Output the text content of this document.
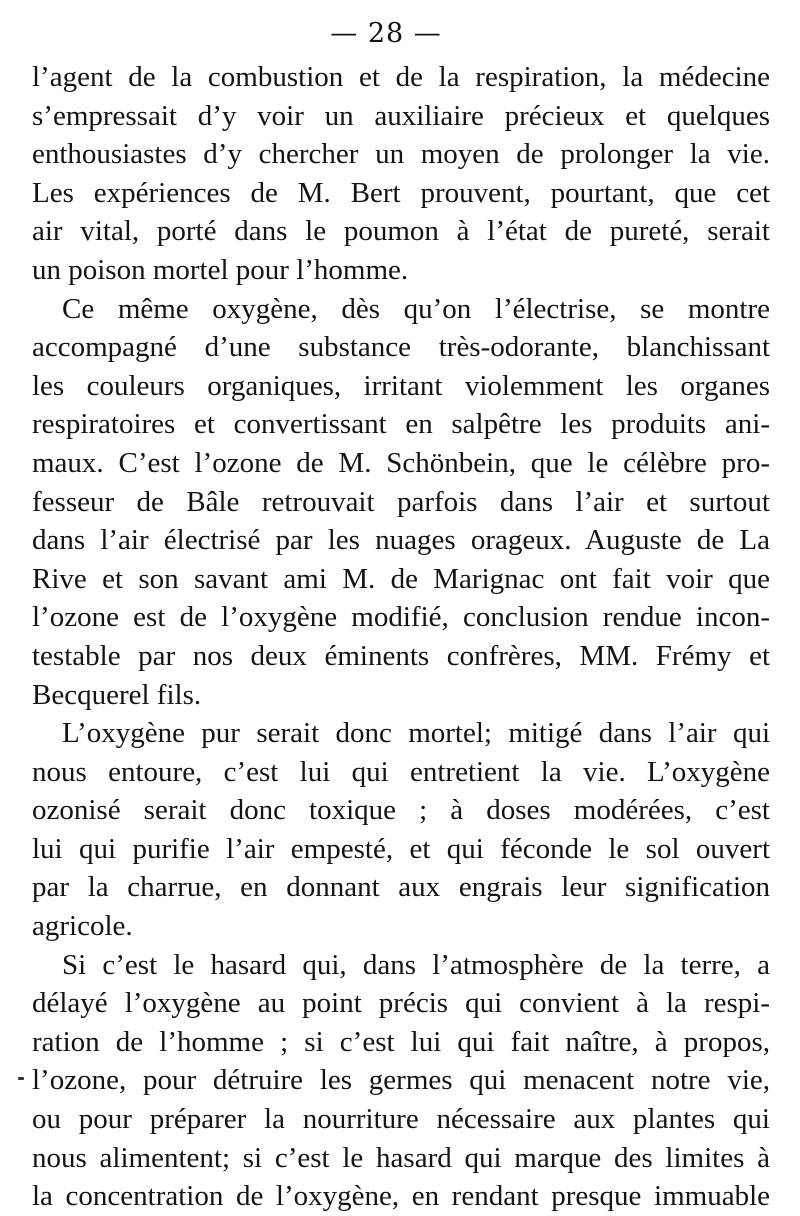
— 28 —
l’agent de la combustion et de la respiration, la médecine
s’empressait d’y voir un auxiliaire précieux et quelques
enthousiastes d’y chercher un moyen de prolonger la vie.
Les expériences de M. Bert prouvent, pourtant, que cet
air vital, porté dans le poumon à l’état de pureté, serait
un poison mortel pour l’homme.
Ce même oxygène, dès qu’on l’électrise, se montre
accompagné d’une substance très-odorante, blanchissant
les couleurs organiques, irritant violemment les organes
respiratoires et convertissant en salpêtre les produits ani-
maux. C’est l’ozone de M. Schönbein, que le célèbre pro-
fesseur de Bâle retrouvait parfois dans l’air et surtout
dans l’air électrisé par les nuages orageux. Auguste de La
Rive et son savant ami M. de Marignac ont fait voir que
l’ozone est de l’oxygène modifié, conclusion rendue incon-
testable par nos deux éminents confrères, MM. Frémy et
Becquerel fils.
L’oxygène pur serait donc mortel; mitigé dans l’air qui
nous entoure, c’est lui qui entretient la vie. L’oxygène
ozonisé serait donc toxique ; à doses modérées, c’est
lui qui purifie l’air empesté, et qui féconde le sol ouvert
par la charrue, en donnant aux engrais leur signification
agricole.
Si c’est le hasard qui, dans l’atmosphère de la terre, a
délayé l’oxygène au point précis qui convient à la respi-
ration de l’homme ; si c’est lui qui fait naître, à propos,
l’ozone, pour détruire les germes qui menacent notre vie,
ou pour préparer la nourriture nécessaire aux plantes qui
nous alimentent; si c’est le hasard qui marque des limites à
la concentration de l’oxygène, en rendant presque immuable
